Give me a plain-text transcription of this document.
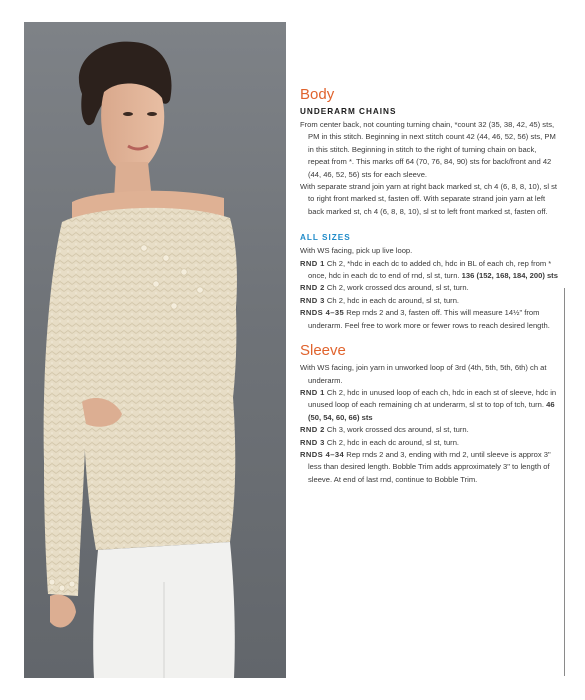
Body
UNDERARM CHAINS

From center back, not counting turning chain, *count 32 (35, 38, 42, 45) sts, PM in this stitch. Beginning in next stitch count 42 (44, 46, 52, 56) sts, PM in this stitch. Beginning in stitch to the right of turning chain on back, repeat from *. This marks off 64 (70, 76, 84, 90) sts for back/front and 42 (44, 46, 52, 56) sts for each sleeve.

With separate strand join yarn at right back marked st, ch 4 (6, 8, 8, 10), sl st to right front marked st, fasten off. With separate strand join yarn at left back marked st, ch 4 (6, 8, 8, 10), sl st to left front marked st, fasten off.

ALL SIZES

With WS facing, pick up live loop.

RND 1 Ch 2, *hdc in each dc to added ch, hdc in BL of each ch, rep from * once, hdc in each dc to end of rnd, sl st, turn. 136 (152, 168, 184, 200) sts

RND 2 Ch 2, work crossed dcs around, sl st, turn.

RND 3 Ch 2, hdc in each dc around, sl st, turn.

RNDS 4–35 Rep rnds 2 and 3, fasten off. This will measure 14½" from underarm. Feel free to work more or fewer rows to reach desired length.

Sleeve

With WS facing, join yarn in unworked loop of 3rd (4th, 5th, 5th, 6th) ch at underarm.

RND 1 Ch 2, hdc in unused loop of each ch, hdc in each st of sleeve, hdc in unused loop of each remaining ch at underarm, sl st to top of tch, turn. 46 (50, 54, 60, 66) sts

RND 2 Ch 3, work crossed dcs around, sl st, turn.

RND 3 Ch 2, hdc in each dc around, sl st, turn.

RNDS 4–34 Rep rnds 2 and 3, ending with rnd 2, until sleeve is approx 3" less than desired length. Bobble Trim adds approximately 3" to length of sleeve. At end of last rnd, continue to Bobble Trim.
